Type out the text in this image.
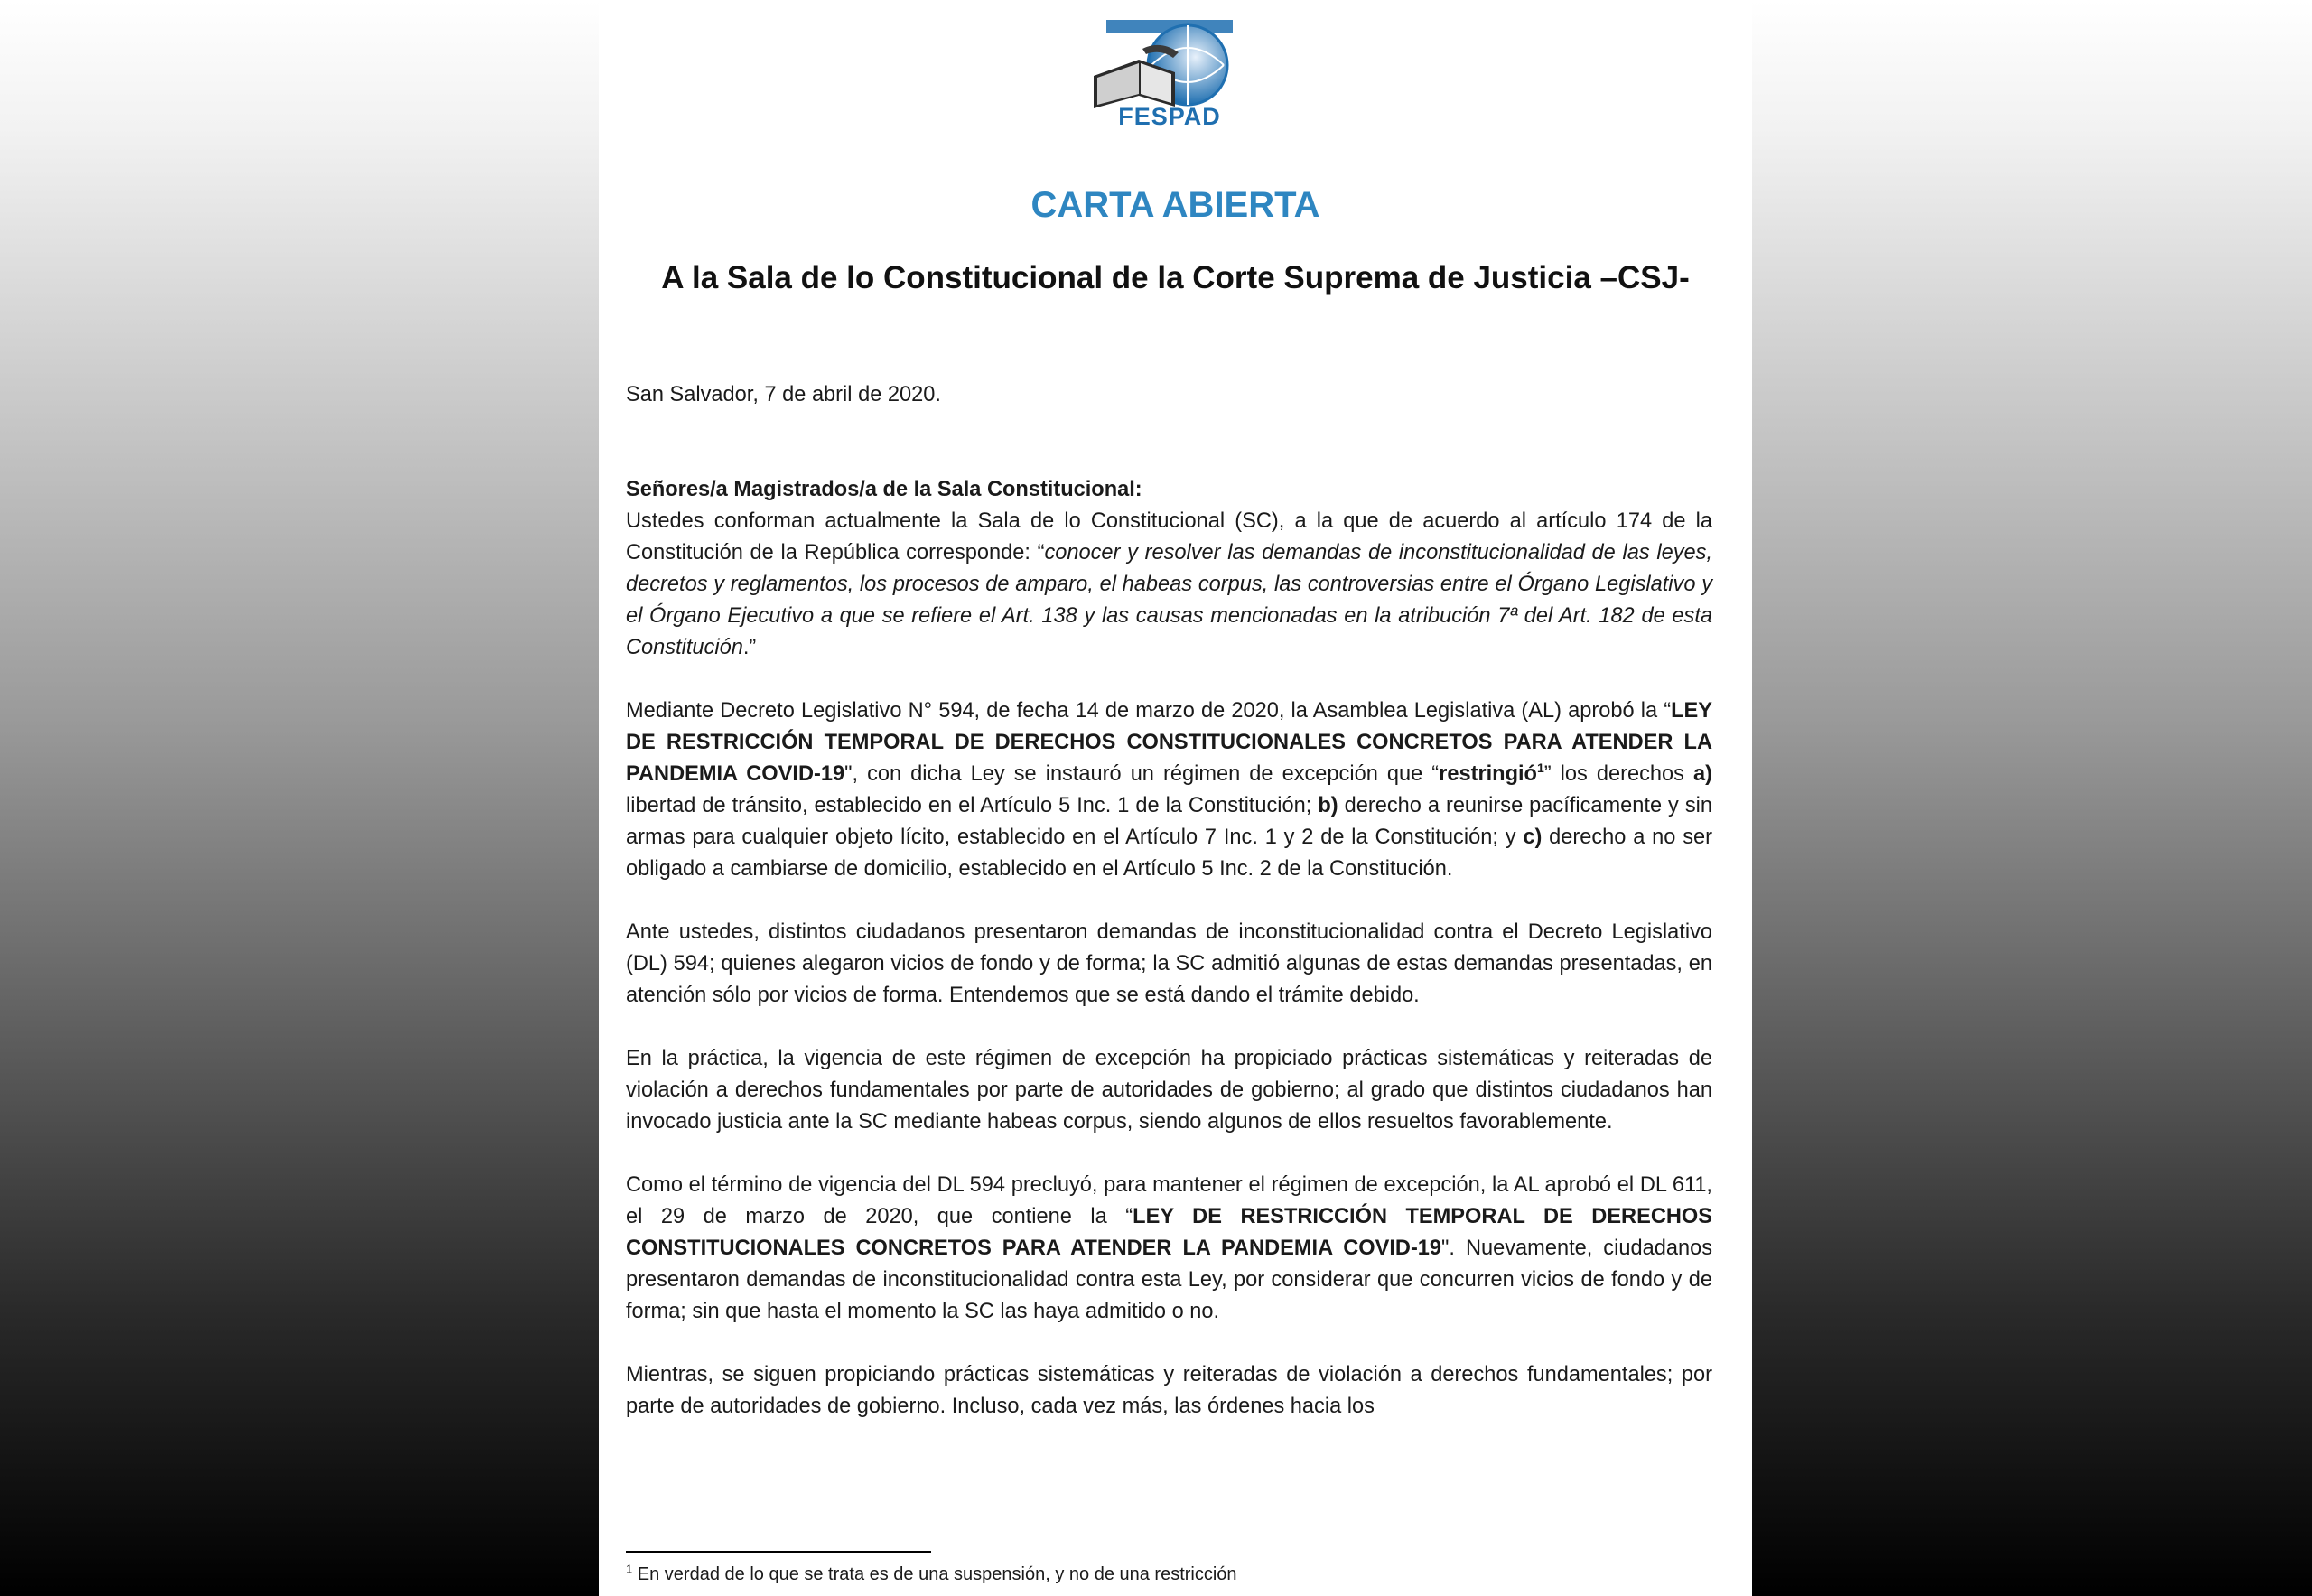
FESPAD
CARTA ABIERTA
A la Sala de lo Constitucional de la Corte Suprema de Justicia –CSJ-

San Salvador, 7 de abril de 2020.

Señores/a Magistrados/a de la Sala Constitucional:

Ustedes conforman actualmente la Sala de lo Constitucional (SC), a la que de acuerdo al artículo 174 de la Constitución de la República corresponde: “conocer y resolver las demandas de inconstitucionalidad de las leyes, decretos y reglamentos, los procesos de amparo, el habeas corpus, las controversias entre el Órgano Legislativo y el Órgano Ejecutivo a que se refiere el Art. 138 y las causas mencionadas en la atribución 7ª del Art. 182 de esta Constitución.”

Mediante Decreto Legislativo N° 594, de fecha 14 de marzo de 2020, la Asamblea Legislativa (AL) aprobó la “LEY DE RESTRICCIÓN TEMPORAL DE DERECHOS CONSTITUCIONALES CONCRETOS PARA ATENDER LA PANDEMIA COVID-19", con dicha Ley se instauró un régimen de excepción que “restringió$^1$” los derechos a) libertad de tránsito, establecido en el Artículo 5 Inc. 1 de la Constitución; b) derecho a reunirse pacíficamente y sin armas para cualquier objeto lícito, establecido en el Artículo 7 Inc. 1 y 2 de la Constitución; y c) derecho a no ser obligado a cambiarse de domicilio, establecido en el Artículo 5 Inc. 2 de la Constitución.

Ante ustedes, distintos ciudadanos presentaron demandas de inconstitucionalidad contra el Decreto Legislativo (DL) 594; quienes alegaron vicios de fondo y de forma; la SC admitió algunas de estas demandas presentadas, en atención sólo por vicios de forma. Entendemos que se está dando el trámite debido.

En la práctica, la vigencia de este régimen de excepción ha propiciado prácticas sistemáticas y reiteradas de violación a derechos fundamentales por parte de autoridades de gobierno; al grado que distintos ciudadanos han invocado justicia ante la SC mediante habeas corpus, siendo algunos de ellos resueltos favorablemente.

Como el término de vigencia del DL 594 precluyó, para mantener el régimen de excepción, la AL aprobó el DL 611, el 29 de marzo de 2020, que contiene la “LEY DE RESTRICCIÓN TEMPORAL DE DERECHOS CONSTITUCIONALES CONCRETOS PARA ATENDER LA PANDEMIA COVID-19". Nuevamente, ciudadanos presentaron demandas de inconstitucionalidad contra esta Ley, por considerar que concurren vicios de fondo y de forma; sin que hasta el momento la SC las haya admitido o no.

Mientras, se siguen propiciando prácticas sistemáticas y reiteradas de violación a derechos fundamentales; por parte de autoridades de gobierno. Incluso, cada vez más, las órdenes hacia los

$^1$ En verdad de lo que se trata es de una suspensión, y no de una restricción
